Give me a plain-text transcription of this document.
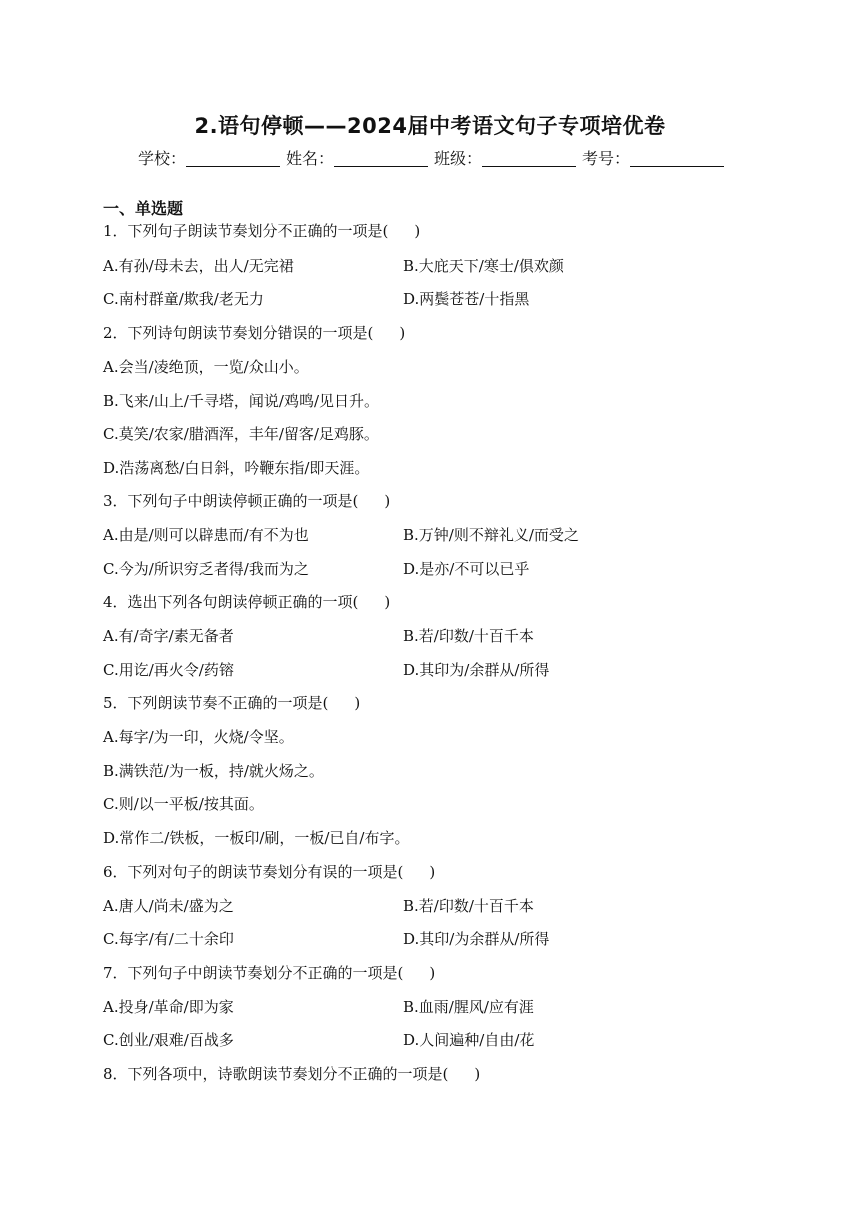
2.语句停顿——2024届中考语文句子专项培优卷
学校：	姓名：	班级：	考号：
一、单选题
1．下列句子朗读节奏划分不正确的一项是( )
A.有孙/母未去，出人/无完裙	B.大庇天下/寒士/俱欢颜
C.南村群童/欺我/老无力	D.两鬓苍苍/十指黑
2．下列诗句朗读节奏划分错误的一项是( )
A.会当/凌绝顶，一览/众山小。
B.飞来/山上/千寻塔，闻说/鸡鸣/见日升。
C.莫笑/农家/腊酒浑，丰年/留客/足鸡豚。
D.浩荡离愁/白日斜，吟鞭东指/即天涯。
3．下列句子中朗读停顿正确的一项是( )
A.由是/则可以辟患而/有不为也	B.万钟/则不辩礼义/而受之
C.今为/所识穷乏者得/我而为之	D.是亦/不可以已乎
4．选出下列各句朗读停顿正确的一项( )
A.有/奇字/素无备者	B.若/印数/十百千本
C.用讫/再火令/药镕	D.其印为/余群从/所得
5．下列朗读节奏不正确的一项是( )
A.每字/为一印，火烧/令坚。
B.满铁范/为一板，持/就火炀之。
C.则/以一平板/按其面。
D.常作二/铁板，一板印/刷，一板/已自/布字。
6．下列对句子的朗读节奏划分有误的一项是( )
A.唐人/尚未/盛为之	B.若/印数/十百千本
C.每字/有/二十余印	D.其印/为余群从/所得
7．下列句子中朗读节奏划分不正确的一项是( )
A.投身/革命/即为家	B.血雨/腥风/应有涯
C.创业/艰难/百战多	D.人间遍种/自由/花
8．下列各项中，诗歌朗读节奏划分不正确的一项是( )
